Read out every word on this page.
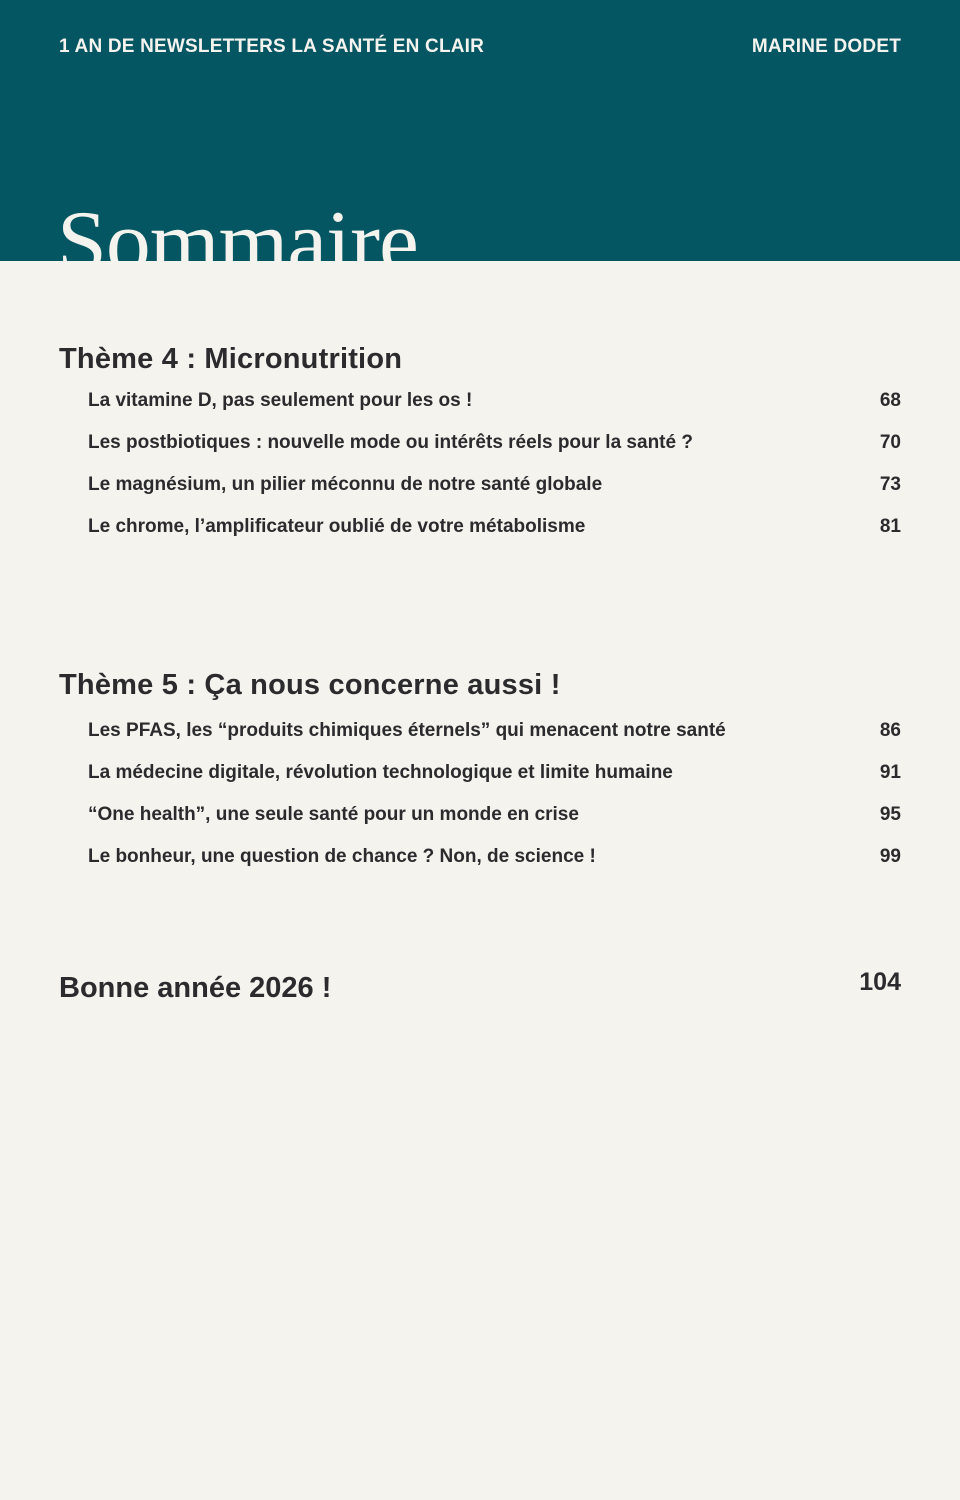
1 AN DE NEWSLETTERS LA SANTÉ EN CLAIR	MARINE DODET
Sommaire
Thème 4 : Micronutrition
La vitamine D, pas seulement pour les os !	68
Les postbiotiques : nouvelle mode ou intérêts réels pour la santé ?	70
Le magnésium, un pilier méconnu de notre santé globale	73
Le chrome, l’amplificateur oublié de votre métabolisme	81
Thème 5 : Ça nous concerne aussi !
Les PFAS, les “produits chimiques éternels” qui menacent notre santé	86
La médecine digitale, révolution technologique et limite humaine	91
“One health”, une seule santé pour un monde en crise	95
Le bonheur, une question de chance ? Non, de science !	99
Bonne année 2026 !	104
